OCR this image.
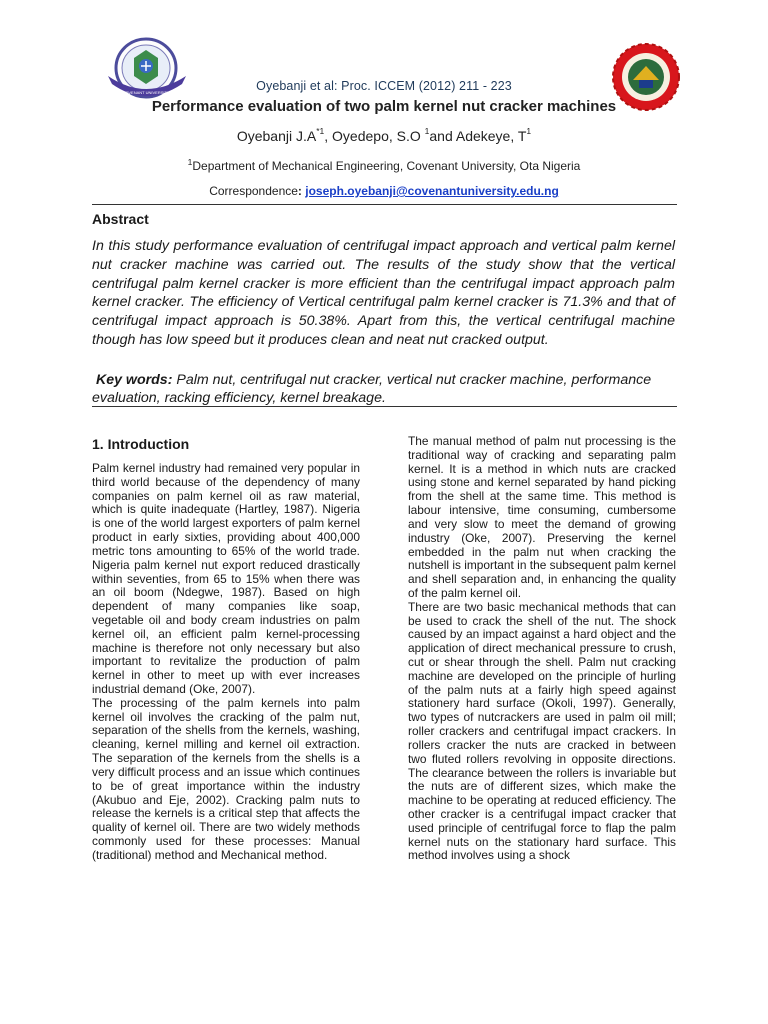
COVENANT UNIVERSITY	Oyebanji et al: Proc. ICCEM (2012) 211 - 223
Performance evaluation of two palm kernel nut cracker machines
Oyebanji $J.A^{*1}$, Oyedepo, S.O $^1$and Adekeye, $T^1$
$^1$Department of Mechanical Engineering, Covenant University, Ota Nigeria
Correspondence: joseph.oyebanji@covenantuniversity.edu.ng
Abstract
In this study performance evaluation of centrifugal impact approach and vertical palm kernel nut cracker machine was carried out. The results of the study show that the vertical centrifugal palm kernel cracker is more efficient than the centrifugal impact approach palm kernel cracker. The efficiency of Vertical centrifugal palm kernel cracker is 71.3% and that of centrifugal impact approach is 50.38%. Apart from this, the vertical centrifugal machine though has low speed but it produces clean and neat nut cracked output.
Key words: Palm nut, centrifugal nut cracker, vertical nut cracker machine, performance evaluation, racking efficiency, kernel breakage.
1. Introduction

Palm kernel industry had remained very popular in third world because of the dependency of many companies on palm kernel oil as raw material, which is quite inadequate (Hartley, 1987). Nigeria is one of the world largest exporters of palm kernel product in early sixties, providing about 400,000 metric tons amounting to 65% of the world trade. Nigeria palm kernel nut export reduced drastically within seventies, from 65 to 15% when there was an oil boom (Ndegwe, 1987). Based on high dependent of many companies like soap, vegetable oil and body cream industries on palm kernel oil, an efficient palm kernel-processing machine is therefore not only necessary but also important to revitalize the production of palm kernel in other to meet up with ever increases industrial demand (Oke, 2007).

The processing of the palm kernels into palm kernel oil involves the cracking of the palm nut, separation of the shells from the kernels, washing, cleaning, kernel milling and kernel oil extraction. The separation of the kernels from the shells is a very difficult process and an issue which continues to be of great importance within the industry (Akubuo and Eje, 2002). Cracking palm nuts to release the kernels is a critical step that affects the quality of kernel oil. There are two widely methods commonly used for these processes: Manual (traditional) method and Mechanical method.

The manual method of palm nut processing is the traditional way of cracking and separating palm kernel. It is a method in which nuts are cracked using stone and kernel separated by hand picking from the shell at the same time. This method is labour intensive, time consuming, cumbersome and very slow to meet the demand of growing industry (Oke, 2007). Preserving the kernel embedded in the palm nut when cracking the nutshell is important in the subsequent palm kernel and shell separation and, in enhancing the quality of the palm kernel oil.

There are two basic mechanical methods that can be used to crack the shell of the nut. The shock caused by an impact against a hard object and the application of direct mechanical pressure to crush, cut or shear through the shell. Palm nut cracking machine are developed on the principle of hurling of the palm nuts at a fairly high speed against stationery hard surface (Okoli, 1997). Generally, two types of nutcrackers are used in palm oil mill; roller crackers and centrifugal impact crackers. In rollers cracker the nuts are cracked in between two fluted rollers revolving in opposite directions. The clearance between the rollers is invariable but the nuts are of different sizes, which make the machine to be operating at reduced efficiency. The other cracker is a centrifugal impact cracker that used principle of centrifugal force to flap the palm kernel nuts on the stationary hard surface. This method involves using a shock
